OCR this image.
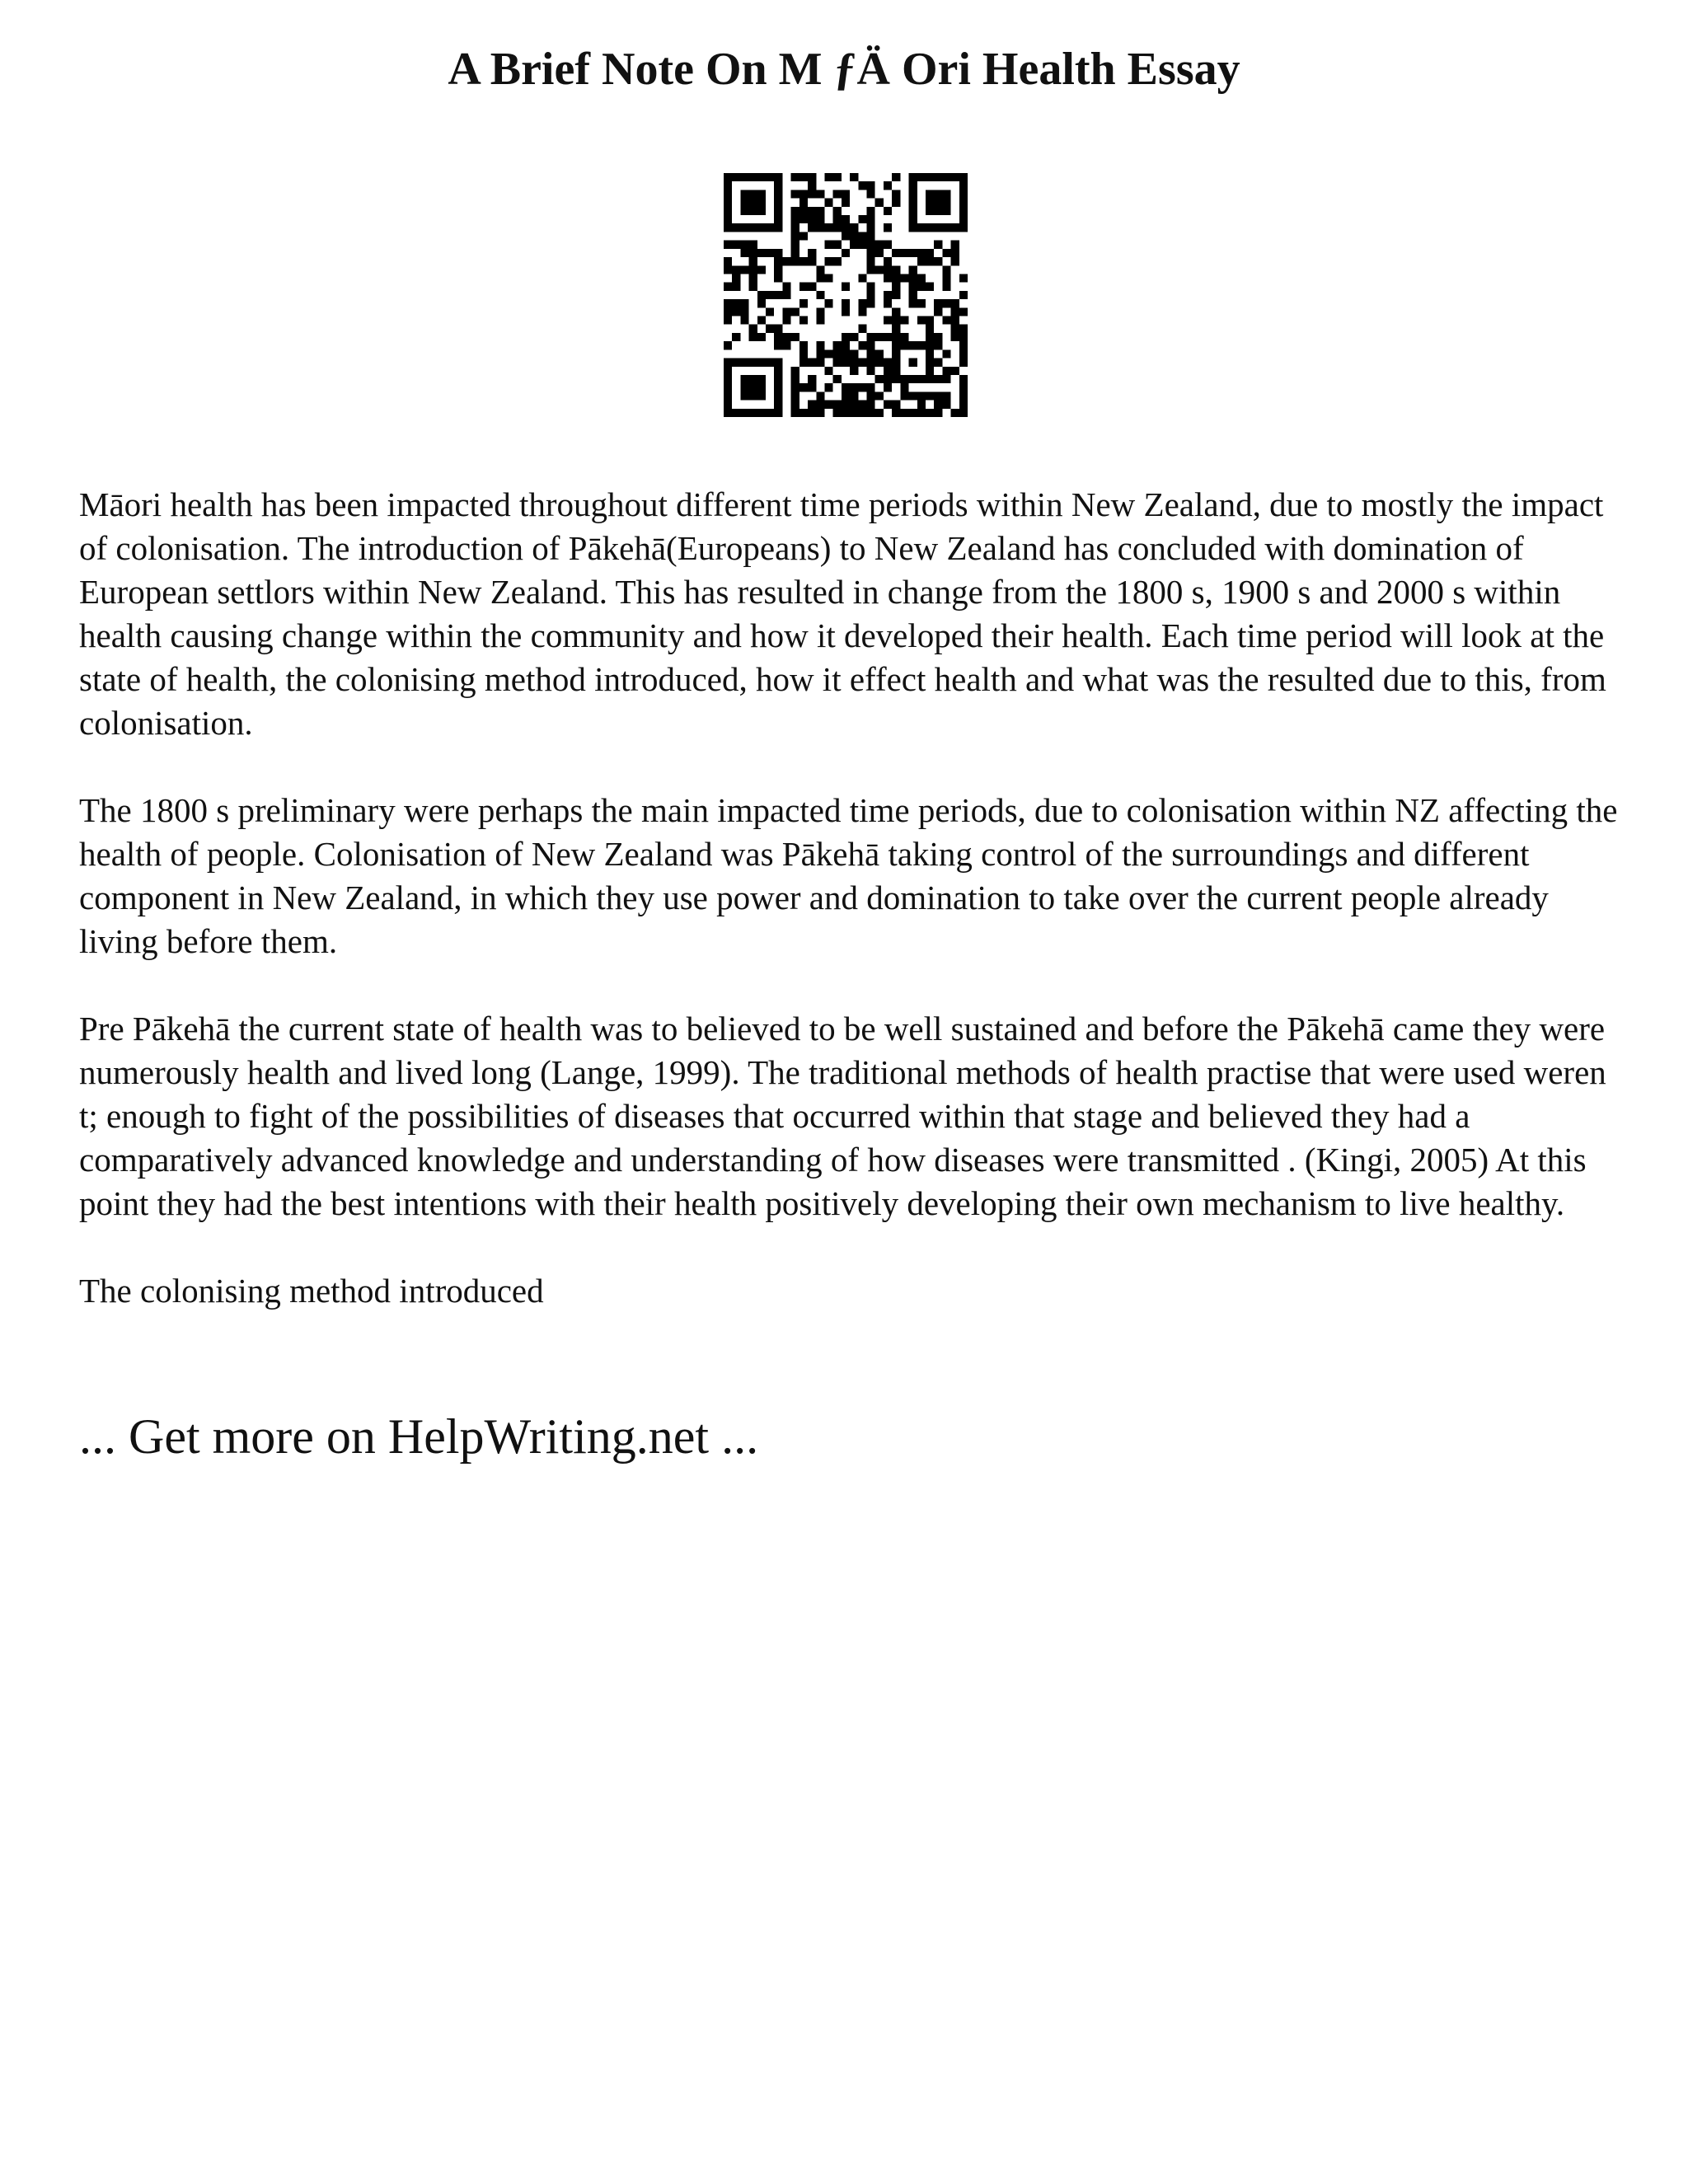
A Brief Note On M ƒÄ Ori Health Essay

Māori health has been impacted throughout different time periods within New Zealand, due to mostly the impact of colonisation. The introduction of Pākehā(Europeans) to New Zealand has concluded with domination of European settlors within New Zealand. This has resulted in change from the 1800 s, 1900 s and 2000 s within health causing change within the community and how it developed their health. Each time period will look at the state of health, the colonising method introduced, how it effect health and what was the resulted due to this, from colonisation.

The 1800 s preliminary were perhaps the main impacted time periods, due to colonisation within NZ affecting the health of people. Colonisation of New Zealand was Pākehā taking control of the surroundings and different component in New Zealand, in which they use power and domination to take over the current people already living before them.

Pre Pākehā the current state of health was to believed to be well sustained and before the Pākehā came they were numerously health and lived long (Lange, 1999). The traditional methods of health practise that were used weren t; enough to fight of the possibilities of diseases that occurred within that stage and believed they had a comparatively advanced knowledge and understanding of how diseases were transmitted . (Kingi, 2005) At this point they had the best intentions with their health positively developing their own mechanism to live healthy.

The colonising method introduced

... Get more on HelpWriting.net ...
